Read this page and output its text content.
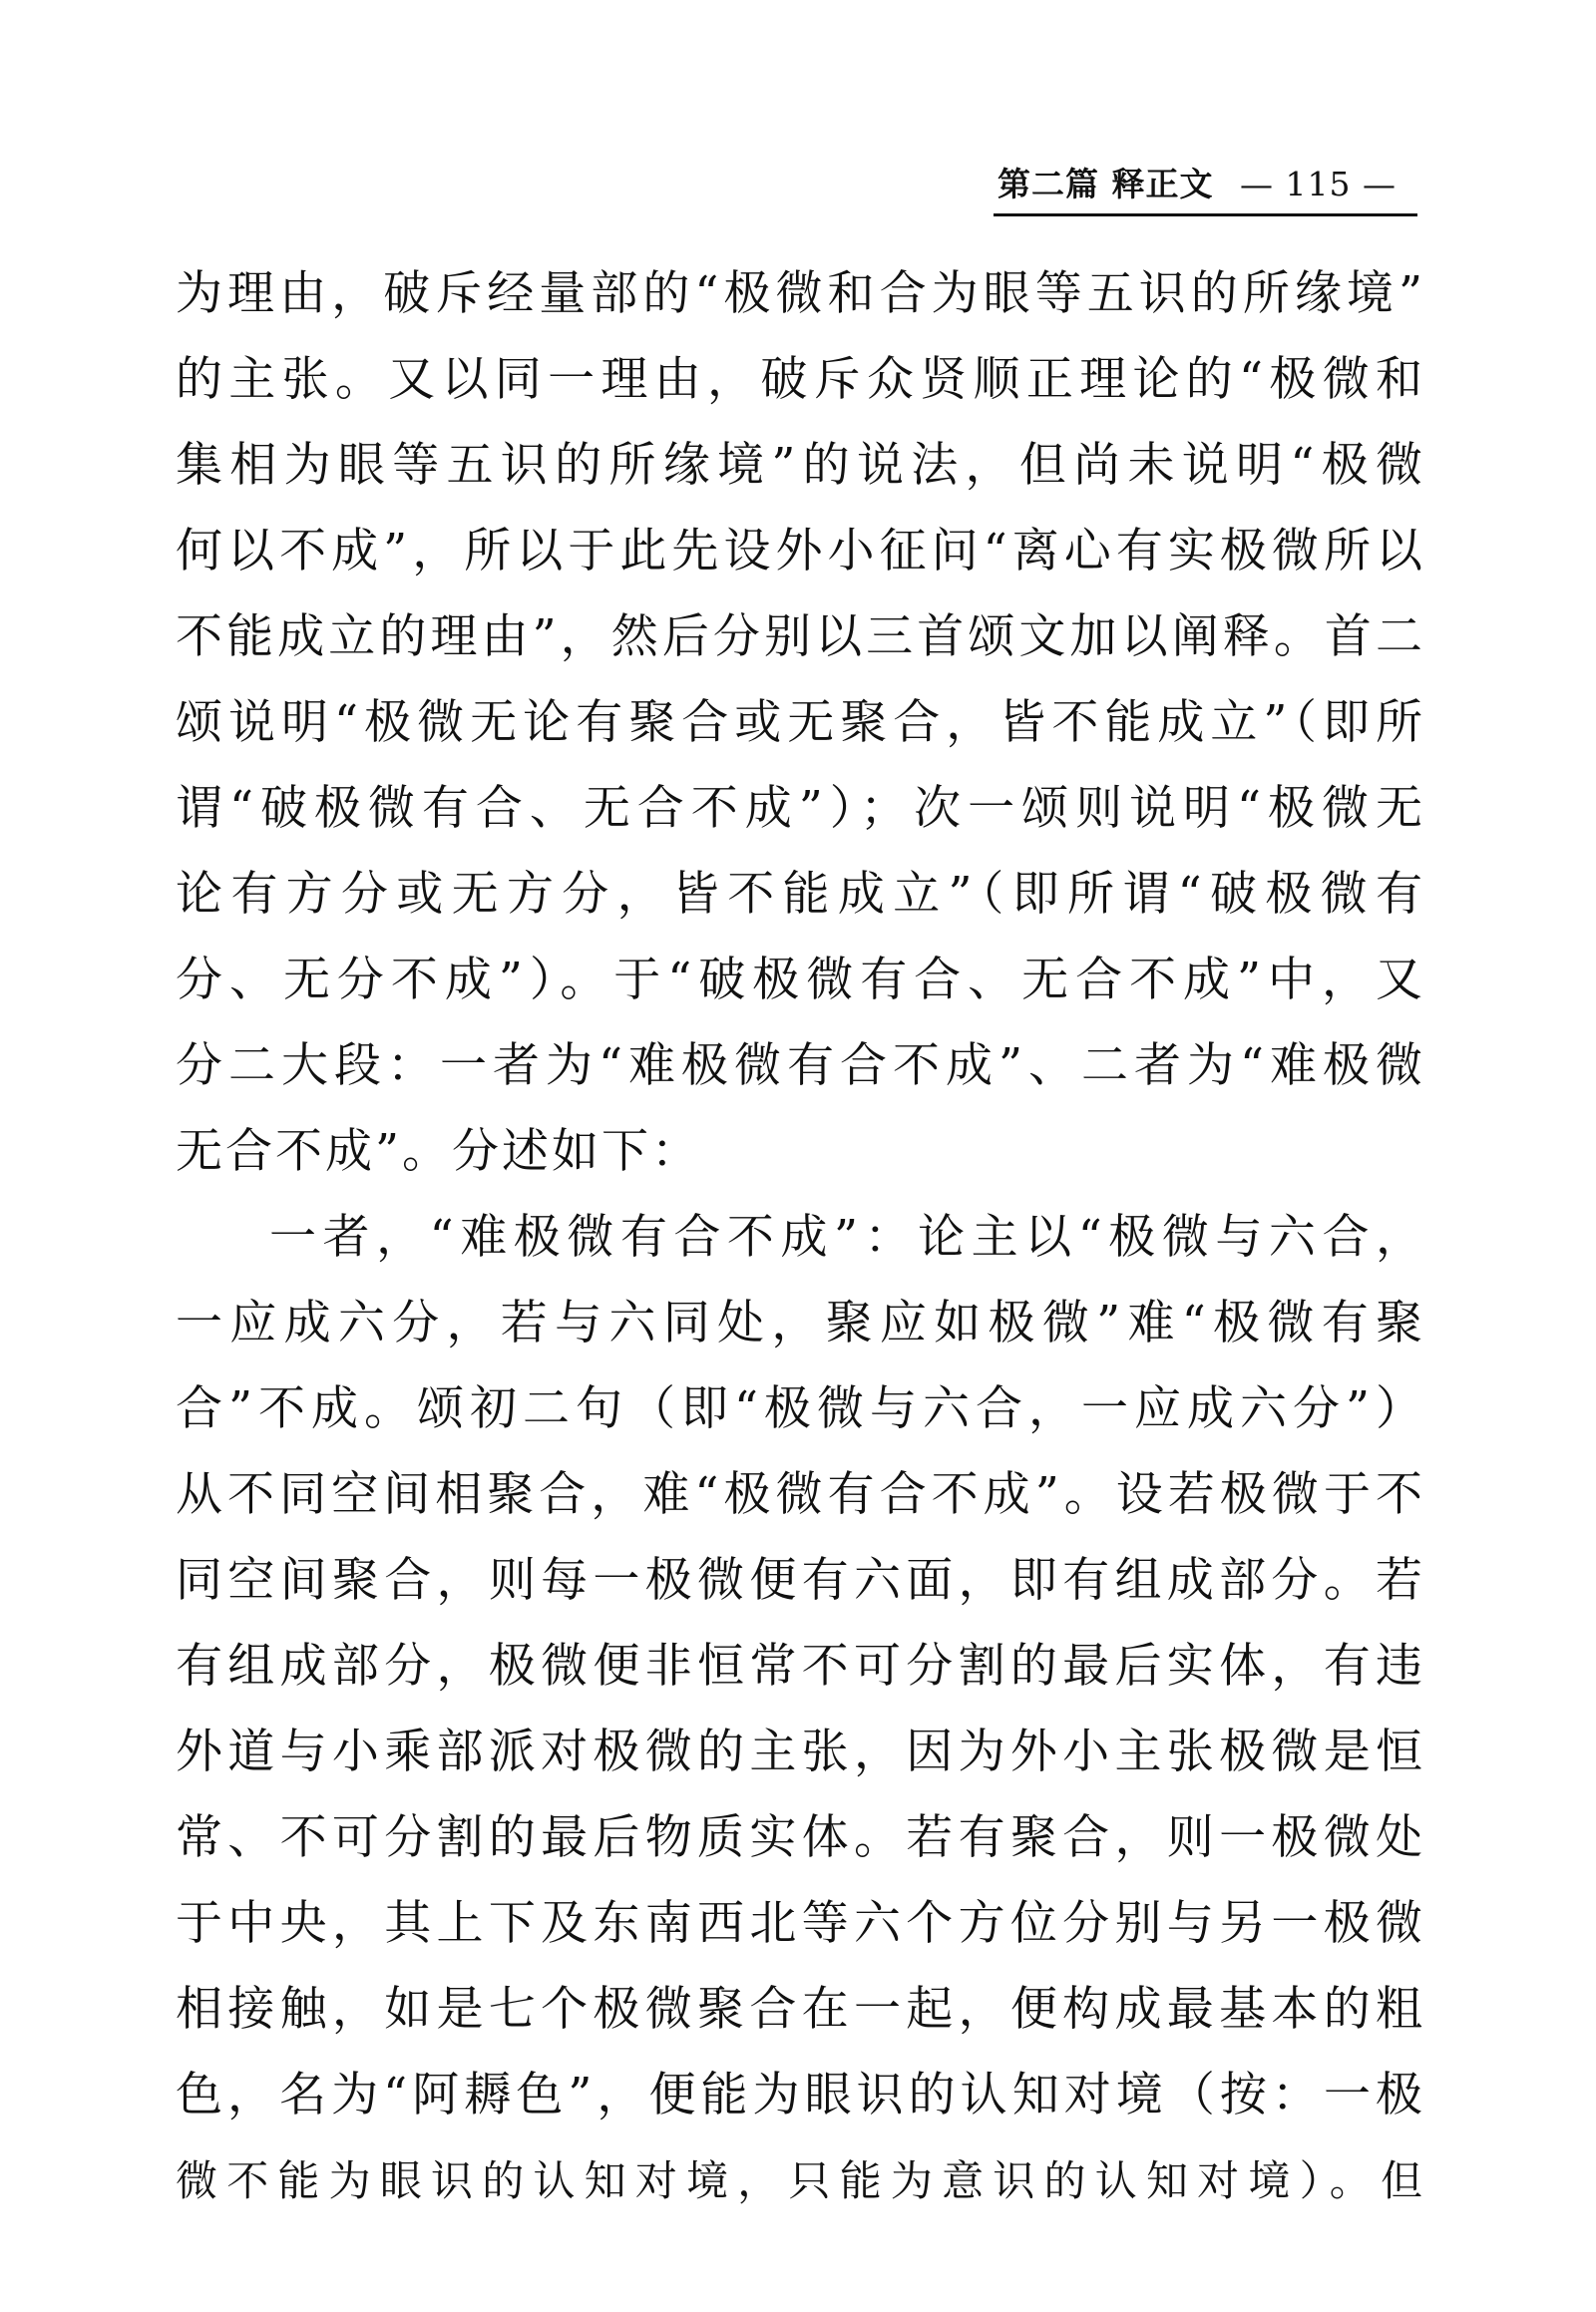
第二篇 释正文 — 115 —
为理由，破斥经量部的“极微和合为眼等五识的所缘境”
的主张。又以同一理由，破斥众贤顺正理论的“极微和
集相为眼等五识的所缘境”的说法，但尚未说明“极微
何以不成”，所以于此先设外小征问“离心有实极微所以
不能成立的理由”，然后分别以三首颂文加以阐释。首二
颂说明“极微无论有聚合或无聚合，皆不能成立”（即所
谓“破极微有合、无合不成”）；次一颂则说明“极微无
论有方分或无方分，皆不能成立”（即所谓“破极微有
分、无分不成”）。于“破极微有合、无合不成”中，又
分二大段：一者为“难极微有合不成”、二者为“难极微
无合不成”。分述如下：
一者，“难极微有合不成”：论主以“极微与六合，
一应成六分，若与六同处，聚应如极微”难“极微有聚
合”不成。颂初二句（即“极微与六合，一应成六分”）
从不同空间相聚合，难“极微有合不成”。设若极微于不
同空间聚合，则每一极微便有六面，即有组成部分。若
有组成部分，极微便非恒常不可分割的最后实体，有违
外道与小乘部派对极微的主张，因为外小主张极微是恒
常、不可分割的最后物质实体。若有聚合，则一极微处
于中央，其上下及东南西北等六个方位分别与另一极微
相接触，如是七个极微聚合在一起，便构成最基本的粗
色，名为“阿耨色”，便能为眼识的认知对境（按：一极
微不能为眼识的认知对境，只能为意识的认知对境）。但
